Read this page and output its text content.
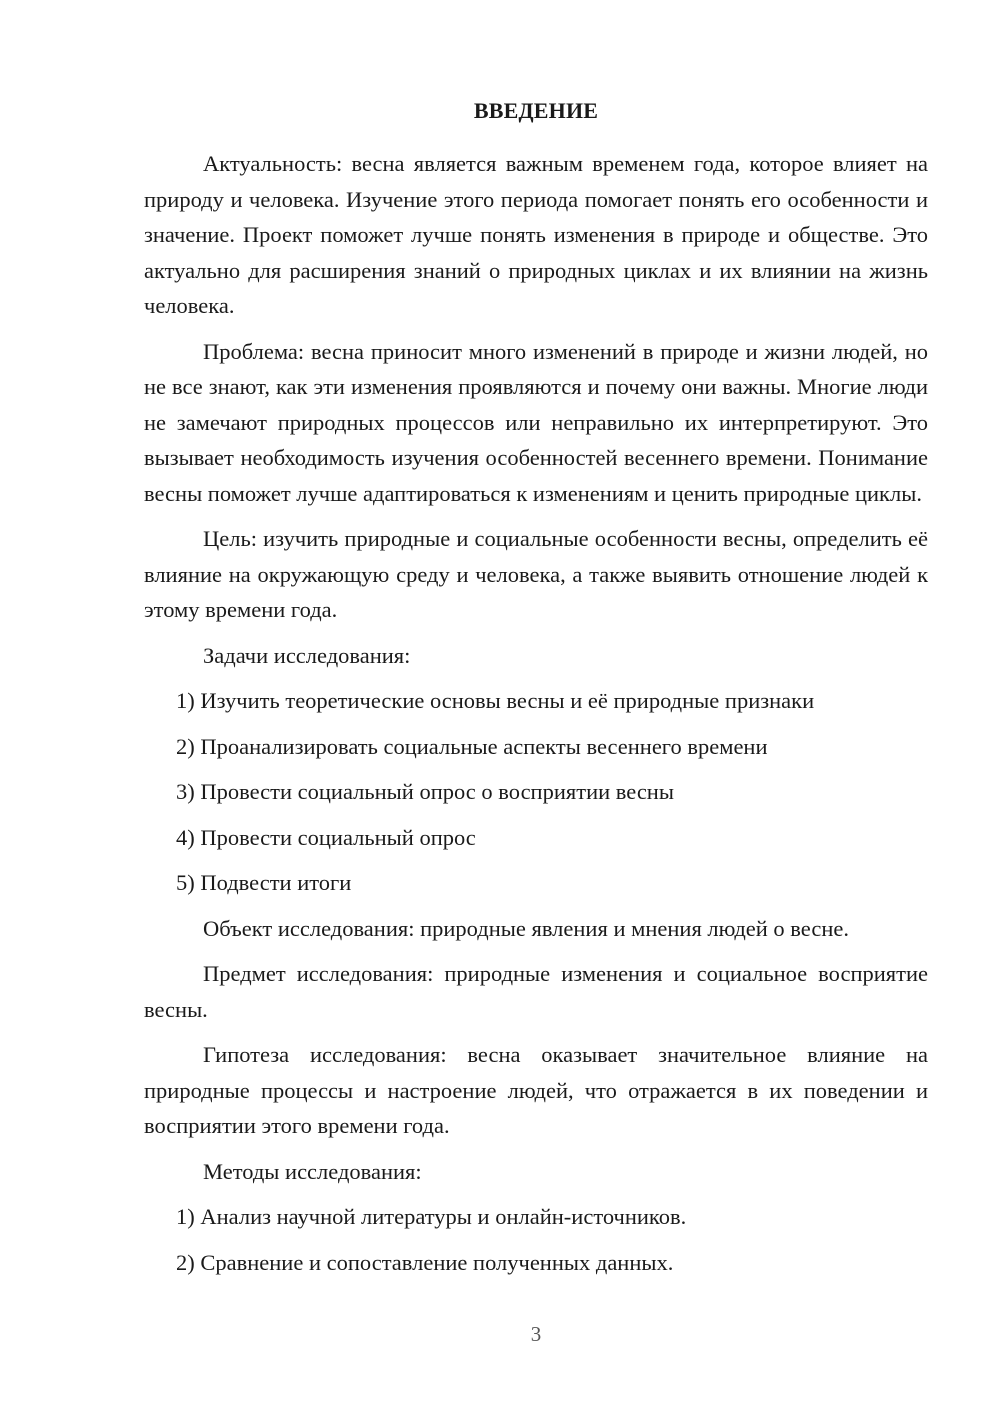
ВВЕДЕНИЕ

Актуальность: весна является важным временем года, которое влияет на природу и человека. Изучение этого периода помогает понять его особенности и значение. Проект поможет лучше понять изменения в природе и обществе. Это актуально для расширения знаний о природных циклах и их влиянии на жизнь человека.

Проблема: весна приносит много изменений в природе и жизни людей, но не все знают, как эти изменения проявляются и почему они важны. Многие люди не замечают природных процессов или неправильно их интерпретируют. Это вызывает необходимость изучения особенностей весеннего времени. Понимание весны поможет лучше адаптироваться к изменениям и ценить природные циклы.

Цель: изучить природные и социальные особенности весны, определить её влияние на окружающую среду и человека, а также выявить отношение людей к этому времени года.

Задачи исследования:
1) Изучить теоретические основы весны и её природные признаки
2) Проанализировать социальные аспекты весеннего времени
3) Провести социальный опрос о восприятии весны
4) Провести социальный опрос
5) Подвести итоги
Объект исследования: природные явления и мнения людей о весне.

Предмет исследования: природные изменения и социальное восприятие весны.

Гипотеза исследования: весна оказывает значительное влияние на природные процессы и настроение людей, что отражается в их поведении и восприятии этого времени года.

Методы исследования:
1) Анализ научной литературы и онлайн-источников.
2) Сравнение и сопоставление полученных данных.
3
